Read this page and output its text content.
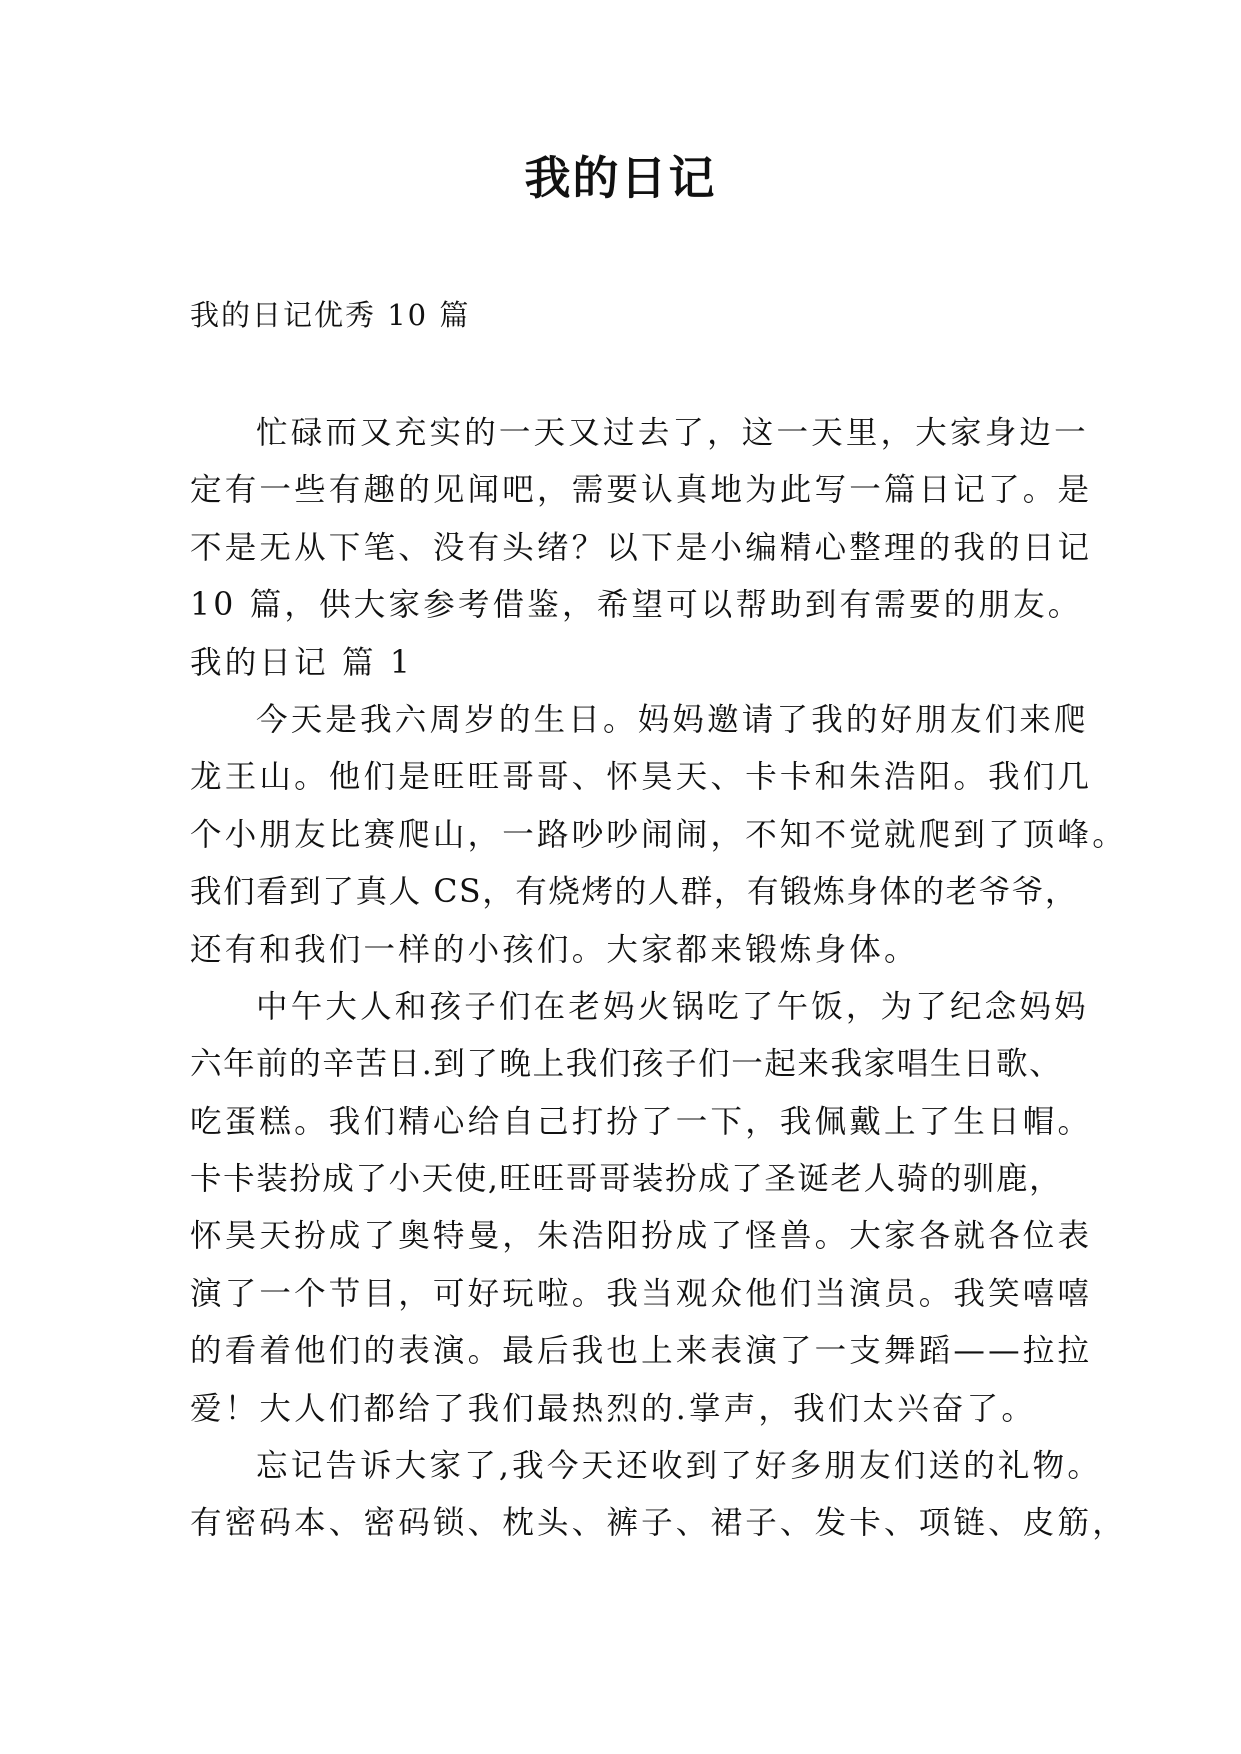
我的日记
我的日记优秀 10 篇
忙碌而又充实的一天又过去了，这一天里，大家身边一
定有一些有趣的见闻吧，需要认真地为此写一篇日记了。是
不是无从下笔、没有头绪？以下是小编精心整理的我的日记
10 篇，供大家参考借鉴，希望可以帮助到有需要的朋友。
我的日记 篇 1
今天是我六周岁的生日。妈妈邀请了我的好朋友们来爬
龙王山。他们是旺旺哥哥、怀昊天、卡卡和朱浩阳。我们几
个小朋友比赛爬山，一路吵吵闹闹，不知不觉就爬到了顶峰。
我们看到了真人 CS，有烧烤的人群，有锻炼身体的老爷爷，
还有和我们一样的小孩们。大家都来锻炼身体。
中午大人和孩子们在老妈火锅吃了午饭，为了纪念妈妈
六年前的辛苦日.到了晚上我们孩子们一起来我家唱生日歌、
吃蛋糕。我们精心给自己打扮了一下，我佩戴上了生日帽。
卡卡装扮成了小天使,旺旺哥哥装扮成了圣诞老人骑的驯鹿，
怀昊天扮成了奥特曼，朱浩阳扮成了怪兽。大家各就各位表
演了一个节目，可好玩啦。我当观众他们当演员。我笑嘻嘻
的看着他们的表演。最后我也上来表演了一支舞蹈——拉拉
爱！大人们都给了我们最热烈的.掌声，我们太兴奋了。
忘记告诉大家了,我今天还收到了好多朋友们送的礼物。
有密码本、密码锁、枕头、裤子、裙子、发卡、项链、皮筋，
